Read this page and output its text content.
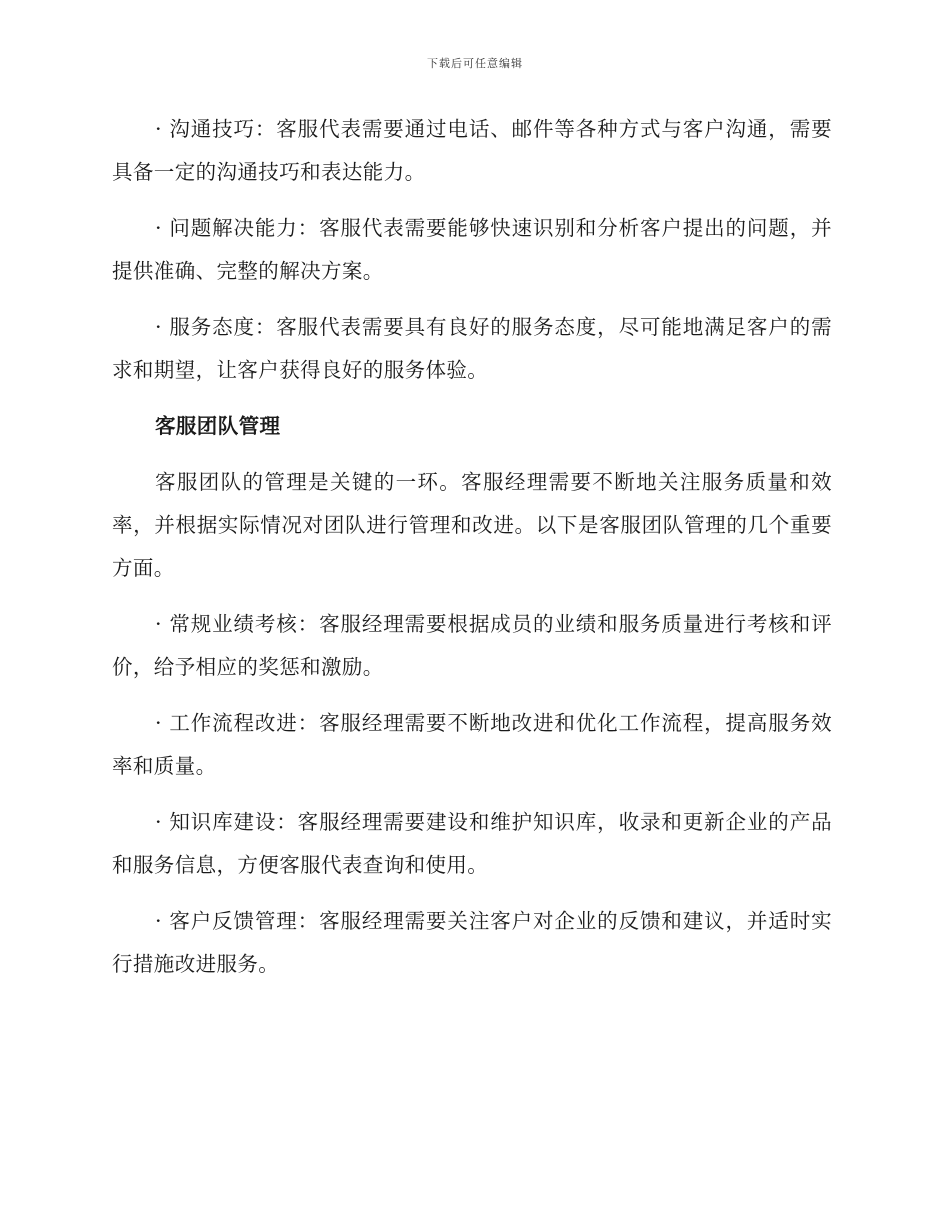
下载后可任意编辑

· 沟通技巧：客服代表需要通过电话、邮件等各种方式与客户沟通，需要具备一定的沟通技巧和表达能力。

· 问题解决能力：客服代表需要能够快速识别和分析客户提出的问题，并提供准确、完整的解决方案。

· 服务态度：客服代表需要具有良好的服务态度，尽可能地满足客户的需求和期望，让客户获得良好的服务体验。

客服团队管理

客服团队的管理是关键的一环。客服经理需要不断地关注服务质量和效率，并根据实际情况对团队进行管理和改进。以下是客服团队管理的几个重要方面。

· 常规业绩考核：客服经理需要根据成员的业绩和服务质量进行考核和评价，给予相应的奖惩和激励。

· 工作流程改进：客服经理需要不断地改进和优化工作流程，提高服务效率和质量。

· 知识库建设：客服经理需要建设和维护知识库，收录和更新企业的产品和服务信息，方便客服代表查询和使用。

· 客户反馈管理：客服经理需要关注客户对企业的反馈和建议，并适时实行措施改进服务。
